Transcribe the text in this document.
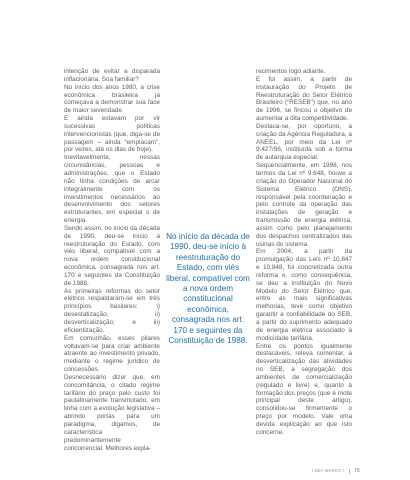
intenção de evitar a disparada inflacionária. Soa familiar?

No início dos anos 1980, a crise econômica brasileira já começava a demonstrar sua face de maior severidade.

E ainda estavam por vir sucessivas políticas intervencionistas (que, diga-se de passagem – ainda “emplacam”, por vezes, até os dias de hoje).

Inevitavelmente, nessas circunstâncias, pessoas e administrações, que o Estado não tinha condições de arcar integralmente com os investimentos necessários ao desenvolvimento dos setores estruturantes, em especial o de energia.

Sendo assim, no início da década de 1990, deu-se início à reestruturação do Estado, com viés liberal, compatível com a nova ordem constitucional econômica, consagrada nos art. 170 e seguintes da Constituição de 1988.

As primeiras reformas do setor elétrico respaldaram-se em três princípios basilares: i) desestatização; ii) desverticalização; e iii) eficientização.

Em comunhão, esses pilares voltavam-se para criar ambiente atraente ao investimento privado, mediante o regime jurídico de concessões.

Desnecessário dizer que, em concomitância, o citado regime tarifário do preço pelo custo foi paulatinamente transmutado, em linha com a evolução legislativa – abrindo portas para um paradigma, digamos, de característica predominantemente concorrencial. Melhores expla-

No início da década de 1990, deu-se início à reestruturação do Estado, com viés liberal, compatível com a nova ordem constitucional econômica, consagrada nos art. 170 e seguintes da Constituição de 1988.

recimentos logo adiante.

E foi assim, a partir de instauração do Projeto de Reestruturação do Setor Elétrico Brasileiro (“RESEB”) que, no ano de 1996, se fincou o objetivo de aumentar a dita competitividade.

Destaca-se, por oportuno, a criação da Agência Reguladora, a ANEEL, por meio da Lei nº 9.427/96, instituída sob a forma de autarquia especial.

Sequencialmente, em 1998, nos termos da Lei nº 9.648, houve a criação do Operador Nacional do Sistema Elétrico (ONS), responsável pela coordenação e pelo controle da operação das instalações de geração e transmissão de energia elétrica, assim como pelo planejamento dos despachos centralizados das usinas do sistema.

Em 2004, a partir da promulgação das Leis nº 10.847 e 10.848, foi concretizada outra reforma e, como consequência, se deu a instituição do Novo Modelo do Setor Elétrico que, entre as mais significativas melhorias, teve como objetivo garantir a confiabilidade do SEB, a partir do suprimento adequado de energia elétrica associado à modicidade tarifária.

Entre os pontos igualmente destacáveis, releva comentar, a desverticalização das atividades no SEB, a segregação dos ambientes de comercialização (regulado e livre) e, quanto à formação dos preços (que é mote principal deste artigo), consolidou-se firmemente o preço por modelo. Vale uma devida explicação ao que isto concerne.

I BEA MARCO I 75
